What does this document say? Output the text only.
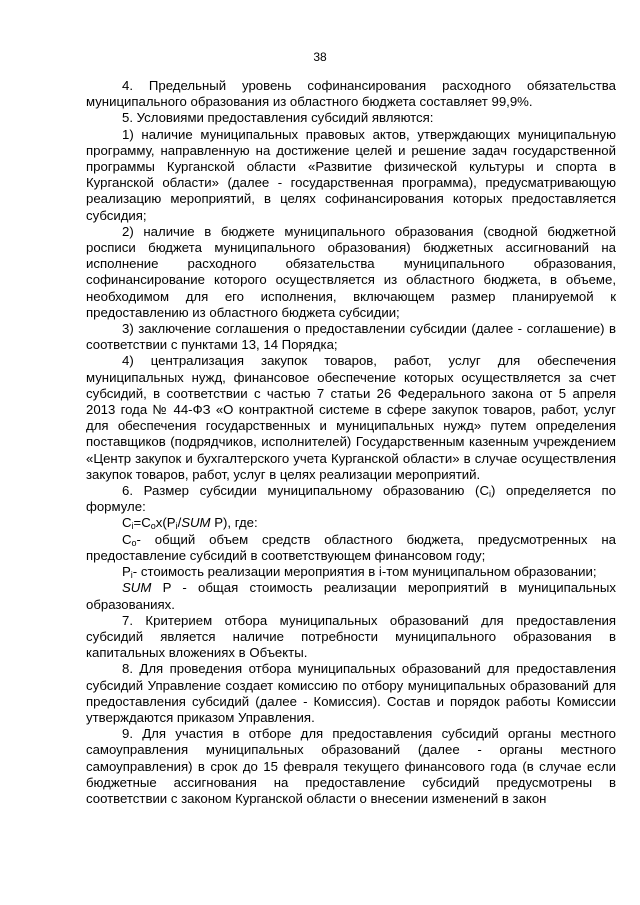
38

4. Предельный уровень софинансирования расходного обязательства муниципального образования из областного бюджета составляет 99,9%.

5. Условиями предоставления субсидий являются:

1) наличие муниципальных правовых актов, утверждающих муниципальную программу, направленную на достижение целей и решение задач государственной программы Курганской области «Развитие физической культуры и спорта в Курганской области» (далее - государственная программа), предусматривающую реализацию мероприятий, в целях софинансирования которых предоставляется субсидия;

2) наличие в бюджете муниципального образования (сводной бюджетной росписи бюджета муниципального образования) бюджетных ассигнований на исполнение расходного обязательства муниципального образования, софинансирование которого осуществляется из областного бюджета, в объеме, необходимом для его исполнения, включающем размер планируемой к предоставлению из областного бюджета субсидии;

3) заключение соглашения о предоставлении субсидии (далее - соглашение) в соответствии с пунктами 13, 14 Порядка;

4) централизация закупок товаров, работ, услуг для обеспечения муниципальных нужд, финансовое обеспечение которых осуществляется за счет субсидий, в соответствии с частью 7 статьи 26 Федерального закона от 5 апреля 2013 года № 44-ФЗ «О контрактной системе в сфере закупок товаров, работ, услуг для обеспечения государственных и муниципальных нужд» путем определения поставщиков (подрядчиков, исполнителей) Государственным казенным учреждением «Центр закупок и бухгалтерского учета Курганской области» в случае осуществления закупок товаров, работ, услуг в целях реализации мероприятий.

6. Размер субсидии муниципальному образованию $(С_i)$ определяется по формуле:

$C_i=C_ox(P_i$/SUM P), где:

$C_o-$ общий объем средств областного бюджета, предусмотренных на предоставление субсидий в соответствующем финансовом году;

$P_i-$ стоимость реализации мероприятия в i-том муниципальном образовании;

SUM P - общая стоимость реализации мероприятий в муниципальных образованиях.

7. Критерием отбора муниципальных образований для предоставления субсидий является наличие потребности муниципального образования в капитальных вложениях в Объекты.

8. Для проведения отбора муниципальных образований для предоставления субсидий Управление создает комиссию по отбору муниципальных образований для предоставления субсидий (далее - Комиссия). Состав и порядок работы Комиссии утверждаются приказом Управления.

9. Для участия в отборе для предоставления субсидий органы местного самоуправления муниципальных образований (далее - органы местного самоуправления) в срок до 15 февраля текущего финансового года (в случае если бюджетные ассигнования на предоставление субсидий предусмотрены в соответствии с законом Курганской области о внесении изменений в закон
